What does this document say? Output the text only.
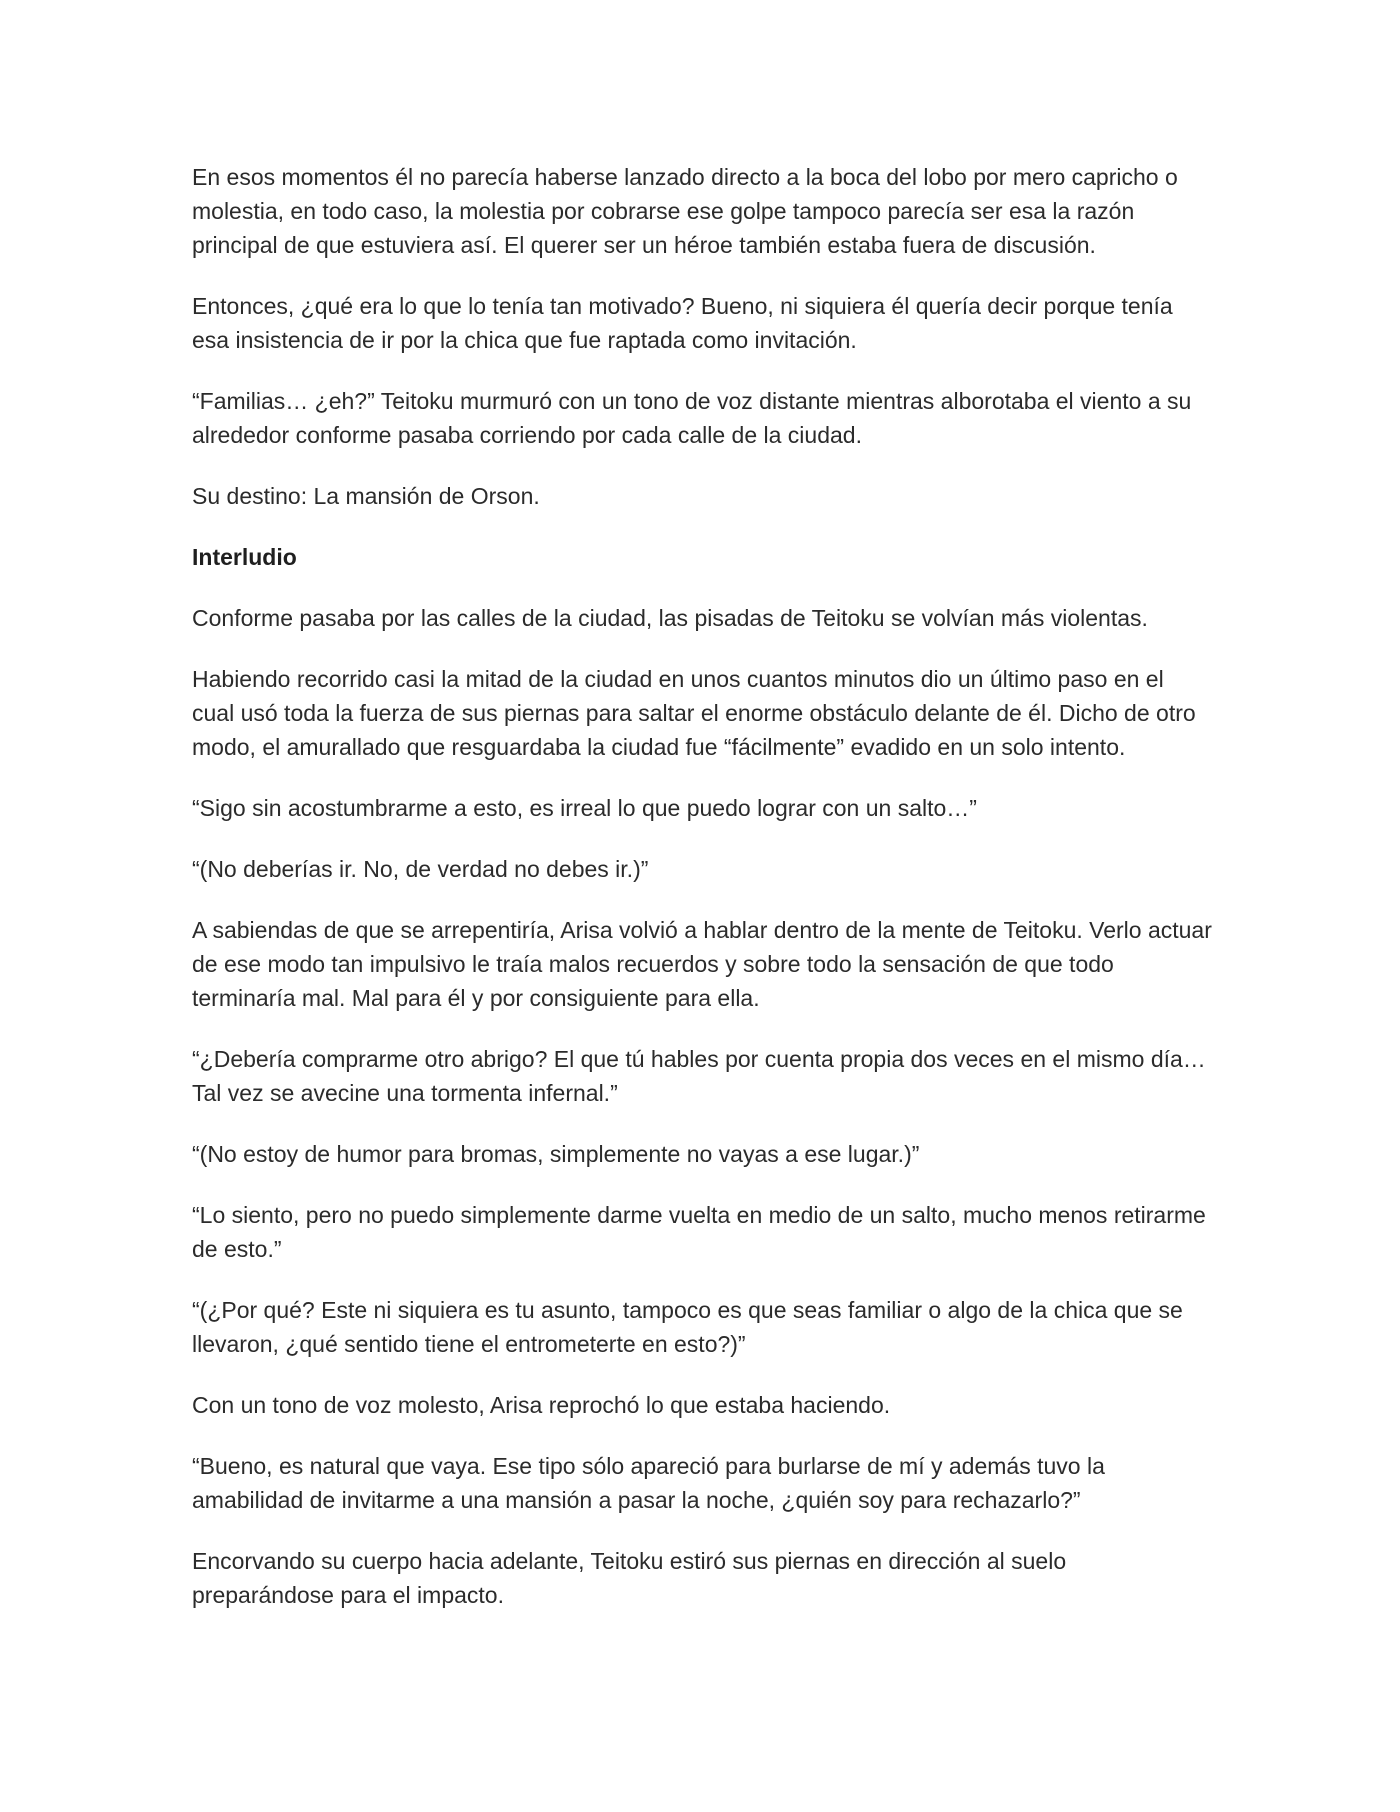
En esos momentos él no parecía haberse lanzado directo a la boca del lobo por mero capricho o molestia, en todo caso, la molestia por cobrarse ese golpe tampoco parecía ser esa la razón principal de que estuviera así. El querer ser un héroe también estaba fuera de discusión.

Entonces, ¿qué era lo que lo tenía tan motivado? Bueno, ni siquiera él quería decir porque tenía esa insistencia de ir por la chica que fue raptada como invitación.

“Familias… ¿eh?” Teitoku murmuró con un tono de voz distante mientras alborotaba el viento a su alrededor conforme pasaba corriendo por cada calle de la ciudad.

Su destino: La mansión de Orson.

Interludio

Conforme pasaba por las calles de la ciudad, las pisadas de Teitoku se volvían más violentas.

Habiendo recorrido casi la mitad de la ciudad en unos cuantos minutos dio un último paso en el cual usó toda la fuerza de sus piernas para saltar el enorme obstáculo delante de él. Dicho de otro modo, el amurallado que resguardaba la ciudad fue “fácilmente” evadido en un solo intento.

“Sigo sin acostumbrarme a esto, es irreal lo que puedo lograr con un salto…”

“(No deberías ir. No, de verdad no debes ir.)”

A sabiendas de que se arrepentiría, Arisa volvió a hablar dentro de la mente de Teitoku. Verlo actuar de ese modo tan impulsivo le traía malos recuerdos y sobre todo la sensación de que todo terminaría mal. Mal para él y por consiguiente para ella.

“¿Debería comprarme otro abrigo? El que tú hables por cuenta propia dos veces en el mismo día… Tal vez se avecine una tormenta infernal.”

“(No estoy de humor para bromas, simplemente no vayas a ese lugar.)”

“Lo siento, pero no puedo simplemente darme vuelta en medio de un salto, mucho menos retirarme de esto.”

“(¿Por qué? Este ni siquiera es tu asunto, tampoco es que seas familiar o algo de la chica que se llevaron, ¿qué sentido tiene el entrometerte en esto?)”

Con un tono de voz molesto, Arisa reprochó lo que estaba haciendo.

“Bueno, es natural que vaya. Ese tipo sólo apareció para burlarse de mí y además tuvo la amabilidad de invitarme a una mansión a pasar la noche, ¿quién soy para rechazarlo?”

Encorvando su cuerpo hacia adelante, Teitoku estiró sus piernas en dirección al suelo preparándose para el impacto.
